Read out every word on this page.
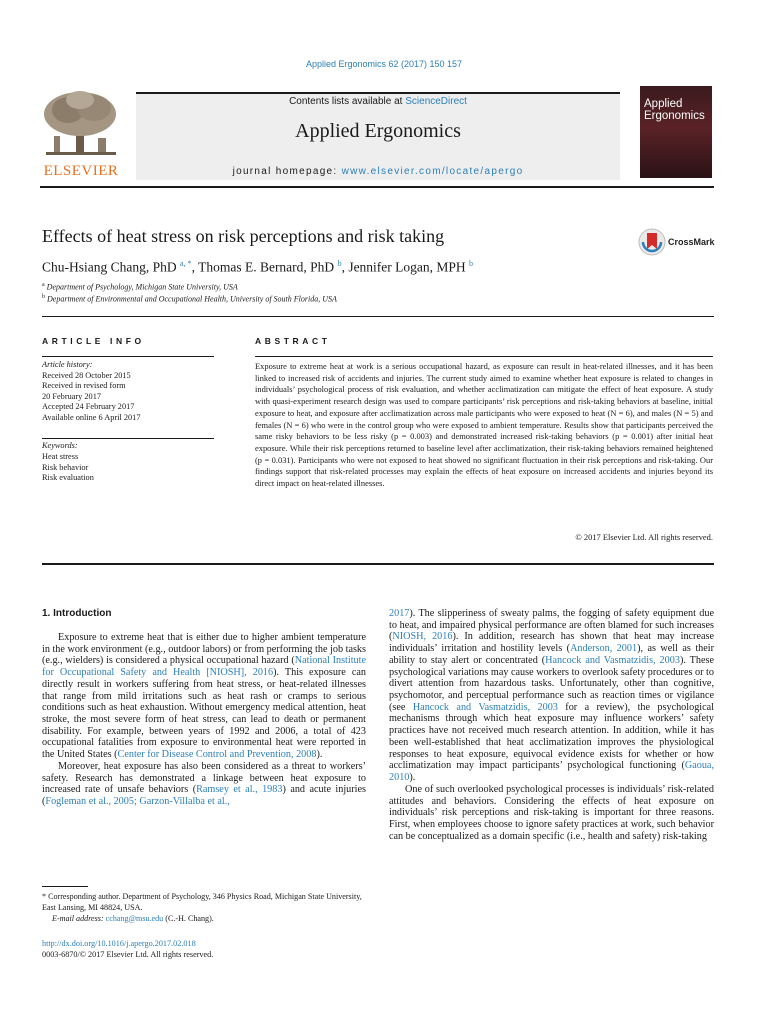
Applied Ergonomics 62 (2017) 150 157
ELSEVIER
Contents lists available at ScienceDirect
Applied Ergonomics
journal homepage: www.elsevier.com/locate/apergo
Applied
Ergonomics
Effects of heat stress on risk perceptions and risk taking	CrossMark
Chu-Hsiang Chang, PhD $^{a, *}$, Thomas E. Bernard, PhD $^b$, Jennifer Logan, MPH $^b$
$^a$ Department of Psychology, Michigan State University, USA
$^b$ Department of Environmental and Occupational Health, University of South Florida, USA
ARTICLE INFO	ABSTRACT
Article history:
Received 28 October 2015
Received in revised form
20 February 2017
Accepted 24 February 2017
Available online 6 April 2017
Keywords:
Heat stress
Risk behavior
Risk evaluation
Exposure to extreme heat at work is a serious occupational hazard, as exposure can result in heat-related illnesses, and it has been linked to increased risk of accidents and injuries. The current study aimed to examine whether heat exposure is related to changes in individuals’ psychological process of risk evaluation, and whether acclimatization can mitigate the effect of heat exposure. A study with quasi-experiment research design was used to compare participants’ risk perceptions and risk-taking behaviors at baseline, initial exposure to heat, and exposure after acclimatization across male participants who were exposed to heat (N = 6), and males (N = 5) and females (N = 6) who were in the control group who were exposed to ambient temperature. Results show that participants perceived the same risky behaviors to be less risky (p = 0.003) and demonstrated increased risk-taking behaviors (p = 0.001) after initial heat exposure. While their risk perceptions returned to baseline level after acclimatization, their risk-taking behaviors remained heightened (p = 0.031). Participants who were not exposed to heat showed no significant fluctuation in their risk perceptions and risk-taking. Our findings support that risk-related processes may explain the effects of heat exposure on increased accidents and injuries beyond its direct impact on heat-related illnesses.
© 2017 Elsevier Ltd. All rights reserved.
1. Introduction

Exposure to extreme heat that is either due to higher ambient temperature in the work environment (e.g., outdoor labors) or from performing the job tasks (e.g., wielders) is considered a physical occupational hazard (National Institute for Occupational Safety and Health [NIOSH], 2016). This exposure can directly result in workers suffering from heat stress, or heat-related illnesses that range from mild irritations such as heat rash or cramps to serious conditions such as heat exhaustion. Without emergency medical attention, heat stroke, the most severe form of heat stress, can lead to death or permanent disability. For example, between years of 1992 and 2006, a total of 423 occupational fatalities from exposure to environmental heat were reported in the United States (Center for Disease Control and Prevention, 2008).

Moreover, heat exposure has also been considered as a threat to workers’ safety. Research has demonstrated a linkage between heat exposure to increased rate of unsafe behaviors (Ramsey et al., 1983) and acute injuries (Fogleman et al., 2005; Garzon-Villalba et al.,

2017). The slipperiness of sweaty palms, the fogging of safety equipment due to heat, and impaired physical performance are often blamed for such increases (NIOSH, 2016). In addition, research has shown that heat may increase individuals’ irritation and hostility levels (Anderson, 2001), as well as their ability to stay alert or concentrated (Hancock and Vasmatzidis, 2003). These psychological variations may cause workers to overlook safety procedures or to divert attention from hazardous tasks. Unfortunately, other than cognitive, psychomotor, and perceptual performance such as reaction times or vigilance (see Hancock and Vasmatzidis, 2003 for a review), the psychological mechanisms through which heat exposure may influence workers’ safety practices have not received much research attention. In addition, while it has been well-established that heat acclimatization improves the physiological responses to heat exposure, equivocal evidence exists for whether or how acclimatization may impact participants’ psychological functioning (Gaoua, 2010).

One of such overlooked psychological processes is individuals’ risk-related attitudes and behaviors. Considering the effects of heat exposure on individuals’ risk perceptions and risk-taking is important for three reasons. First, when employees choose to ignore safety practices at work, such behavior can be conceptualized as a domain specific (i.e., health and safety) risk-taking

* Corresponding author. Department of Psychology, 346 Physics Road, Michigan State University, East Lansing, MI 48824, USA.
E-mail address: cchang@msu.edu (C.-H. Chang).
http://dx.doi.org/10.1016/j.apergo.2017.02.018
0003-6870/© 2017 Elsevier Ltd. All rights reserved.
